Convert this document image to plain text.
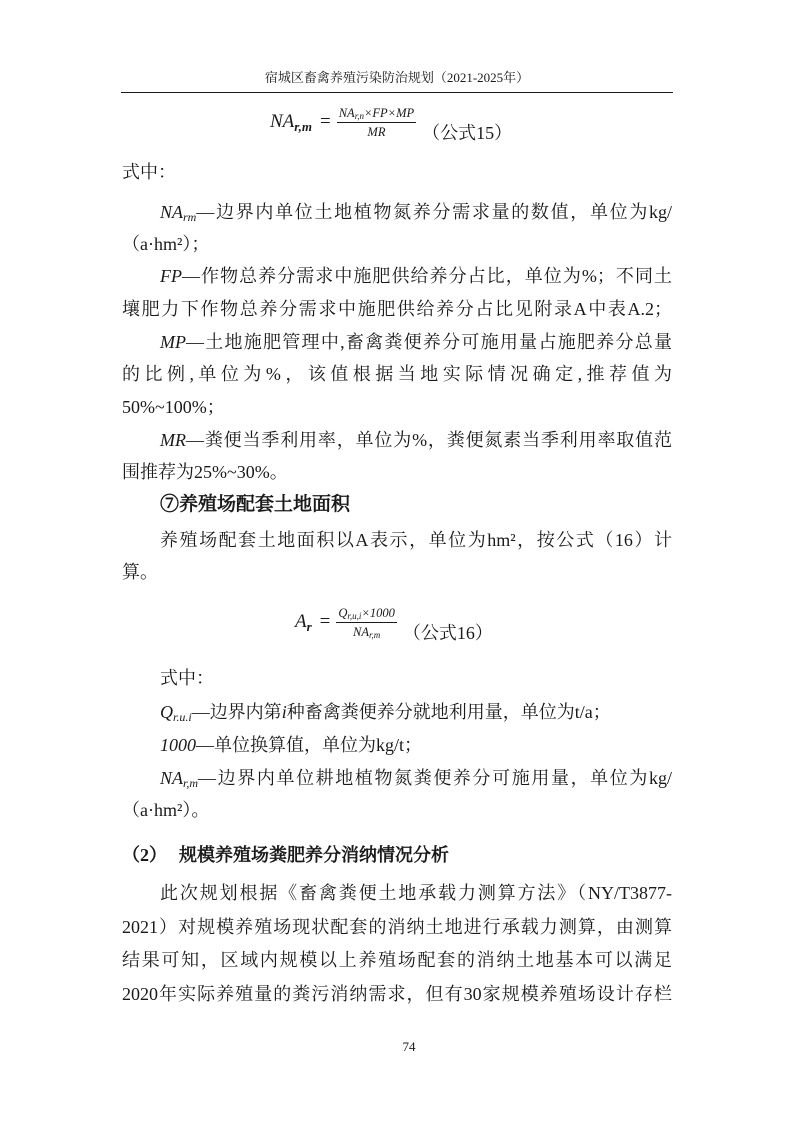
宿城区畜禽养殖污染防治规划（2021-2025年）
$NA_{r,m} = \frac{NA_{r,n}\times FP\times MP}{MR}$ （公式15）
式中：
$NA_{rm}—$边界内单位土地植物氮养分需求量的数值，单位为kg/
（a·hm²）；
FP—作物总养分需求中施肥供给养分占比，单位为%；不同土
壤肥力下作物总养分需求中施肥供给养分占比见附录A中表A.2；
MP—土地施肥管理中,畜禽粪便养分可施用量占施肥养分总量
的比例,单位为%，该值根据当地实际情况确定,推荐值为
50%~100%；
MR—粪便当季利用率，单位为%，粪便氮素当季利用率取值范
围推荐为25%~30%。
⑦养殖场配套土地面积
养殖场配套土地面积以A表示，单位为hm²，按公式（16）计
算。
$A_r = \frac{Q_{r,u,i}\times 1000}{NA_{r,m}}$ （公式16）
式中：
$Q_{r.u.i}—$边界内第i种畜禽粪便养分就地利用量，单位为t/a；
1000—单位换算值，单位为kg/t；
$NA_{r,m}—$边界内单位耕地植物氮粪便养分可施用量，单位为kg/
（a·hm²）。
（2） 规模养殖场粪肥养分消纳情况分析
此次规划根据《畜禽粪便土地承载力测算方法》（NY/T3877-
2021）对规模养殖场现状配套的消纳土地进行承载力测算，由测算
结果可知，区域内规模以上养殖场配套的消纳土地基本可以满足
2020年实际养殖量的粪污消纳需求，但有30家规模养殖场设计存栏
74
